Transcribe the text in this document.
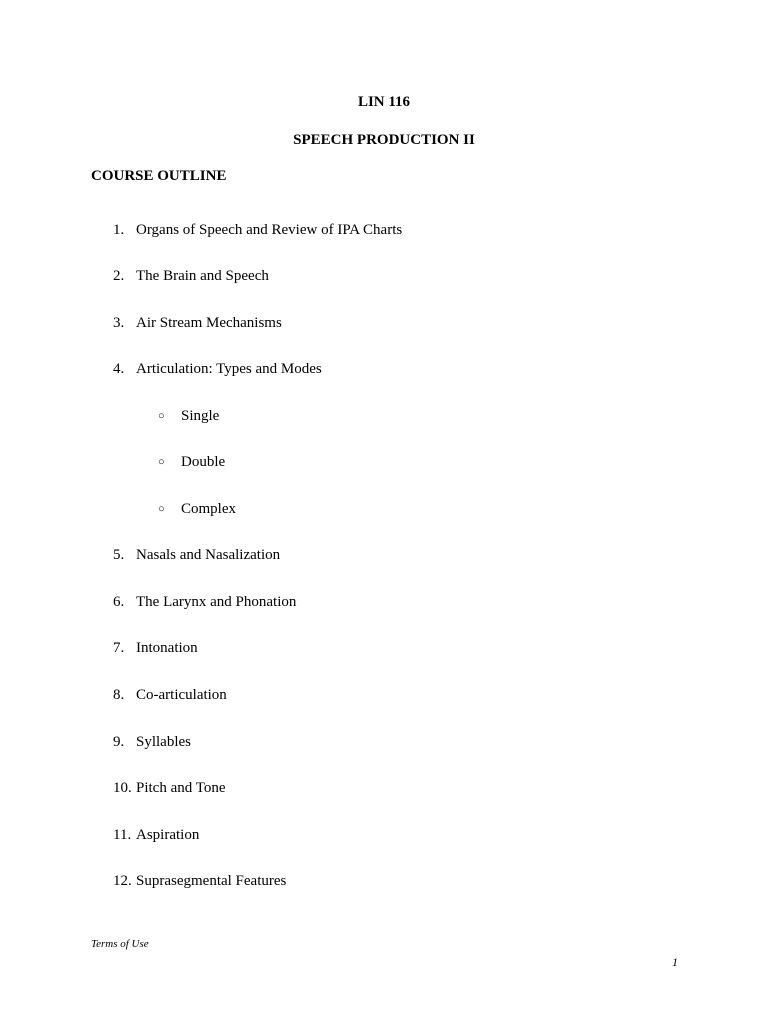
LIN 116
SPEECH PRODUCTION II
COURSE OUTLINE
1. Organs of Speech and Review of IPA Charts
2. The Brain and Speech
3. Air Stream Mechanisms
4. Articulation: Types and Modes
○ Single
○ Double
○ Complex
5. Nasals and Nasalization
6. The Larynx and Phonation
7. Intonation
8. Co-articulation
9. Syllables
10. Pitch and Tone
11. Aspiration
12. Suprasegmental Features
Terms of Use
1
